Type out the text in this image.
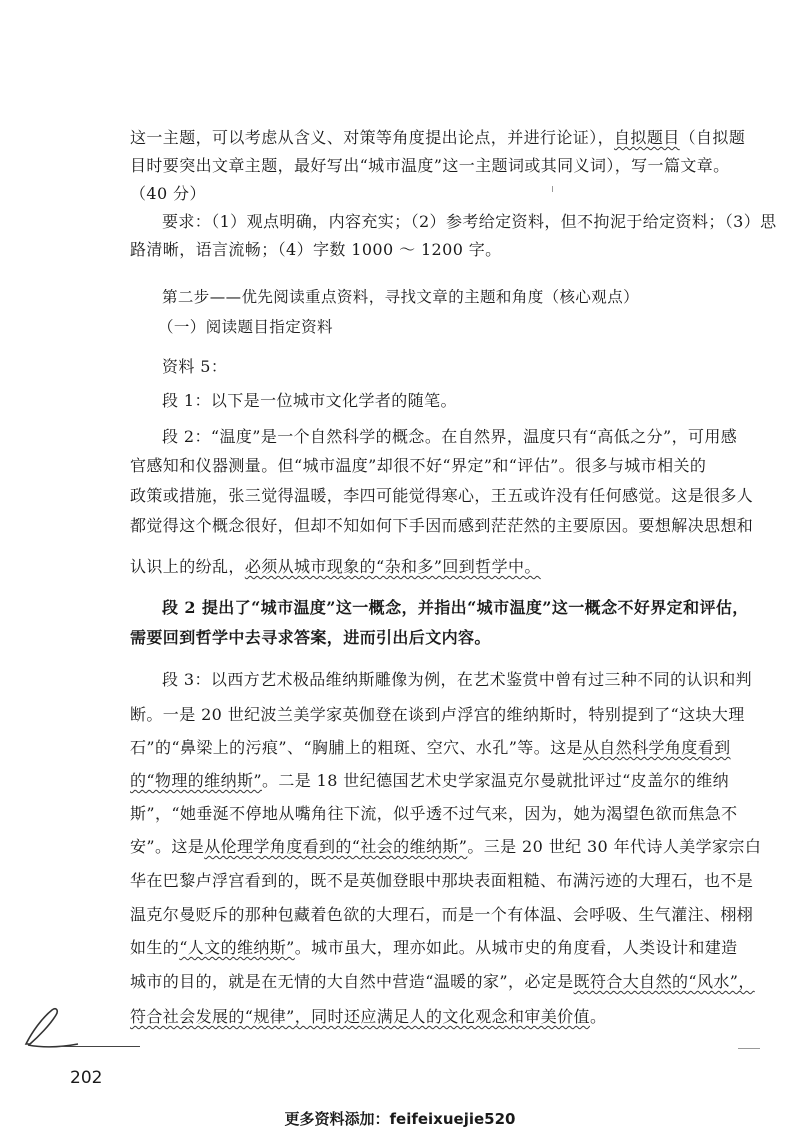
这一主题，可以考虑从含义、对策等角度提出论点，并进行论证），自拟题目（自拟题
目时要突出文章主题，最好写出“城市温度”这一主题词或其同义词），写一篇文章。
（40 分）
要求：（1）观点明确，内容充实；（2）参考给定资料，但不拘泥于给定资料；（3）思
路清晰，语言流畅；（4）字数 1000 ～ 1200 字。
第二步——优先阅读重点资料，寻找文章的主题和角度（核心观点）
（一）阅读题目指定资料
资料 5：
段 1：以下是一位城市文化学者的随笔。
段 2：“温度”是一个自然科学的概念。在自然界，温度只有“高低之分”，可用感
官感知和仪器测量。但“城市温度”却很不好“界定”和“评估”。很多与城市相关的
政策或措施，张三觉得温暖，李四可能觉得寒心，王五或许没有任何感觉。这是很多人
都觉得这个概念很好，但却不知如何下手因而感到茫茫然的主要原因。要想解决思想和
认识上的纷乱，必须从城市现象的“杂和多”回到哲学中。
段 2 提出了“城市温度”这一概念，并指出“城市温度”这一概念不好界定和评估，
需要回到哲学中去寻求答案，进而引出后文内容。
段 3：以西方艺术极品维纳斯雕像为例，在艺术鉴赏中曾有过三种不同的认识和判
断。一是 20 世纪波兰美学家英伽登在谈到卢浮宫的维纳斯时，特别提到了“这块大理
石”的“鼻梁上的污痕”、“胸脯上的粗斑、空穴、水孔”等。这是从自然科学角度看到
的“物理的维纳斯”。二是 18 世纪德国艺术史学家温克尔曼就批评过“皮盖尔的维纳
斯”，“她垂涎不停地从嘴角往下流，似乎透不过气来，因为，她为渴望色欲而焦急不
安”。这是从伦理学角度看到的“社会的维纳斯”。三是 20 世纪 30 年代诗人美学家宗白
华在巴黎卢浮宫看到的，既不是英伽登眼中那块表面粗糙、布满污迹的大理石，也不是
温克尔曼贬斥的那种包藏着色欲的大理石，而是一个有体温、会呼吸、生气灌注、栩栩
如生的“人文的维纳斯”。城市虽大，理亦如此。从城市史的角度看，人类设计和建造
城市的目的，就是在无情的大自然中营造“温暖的家”，必定是既符合大自然的“风水”，
符合社会发展的“规律”，同时还应满足人的文化观念和审美价值。
202
更多资料添加：feifeixuejie520
